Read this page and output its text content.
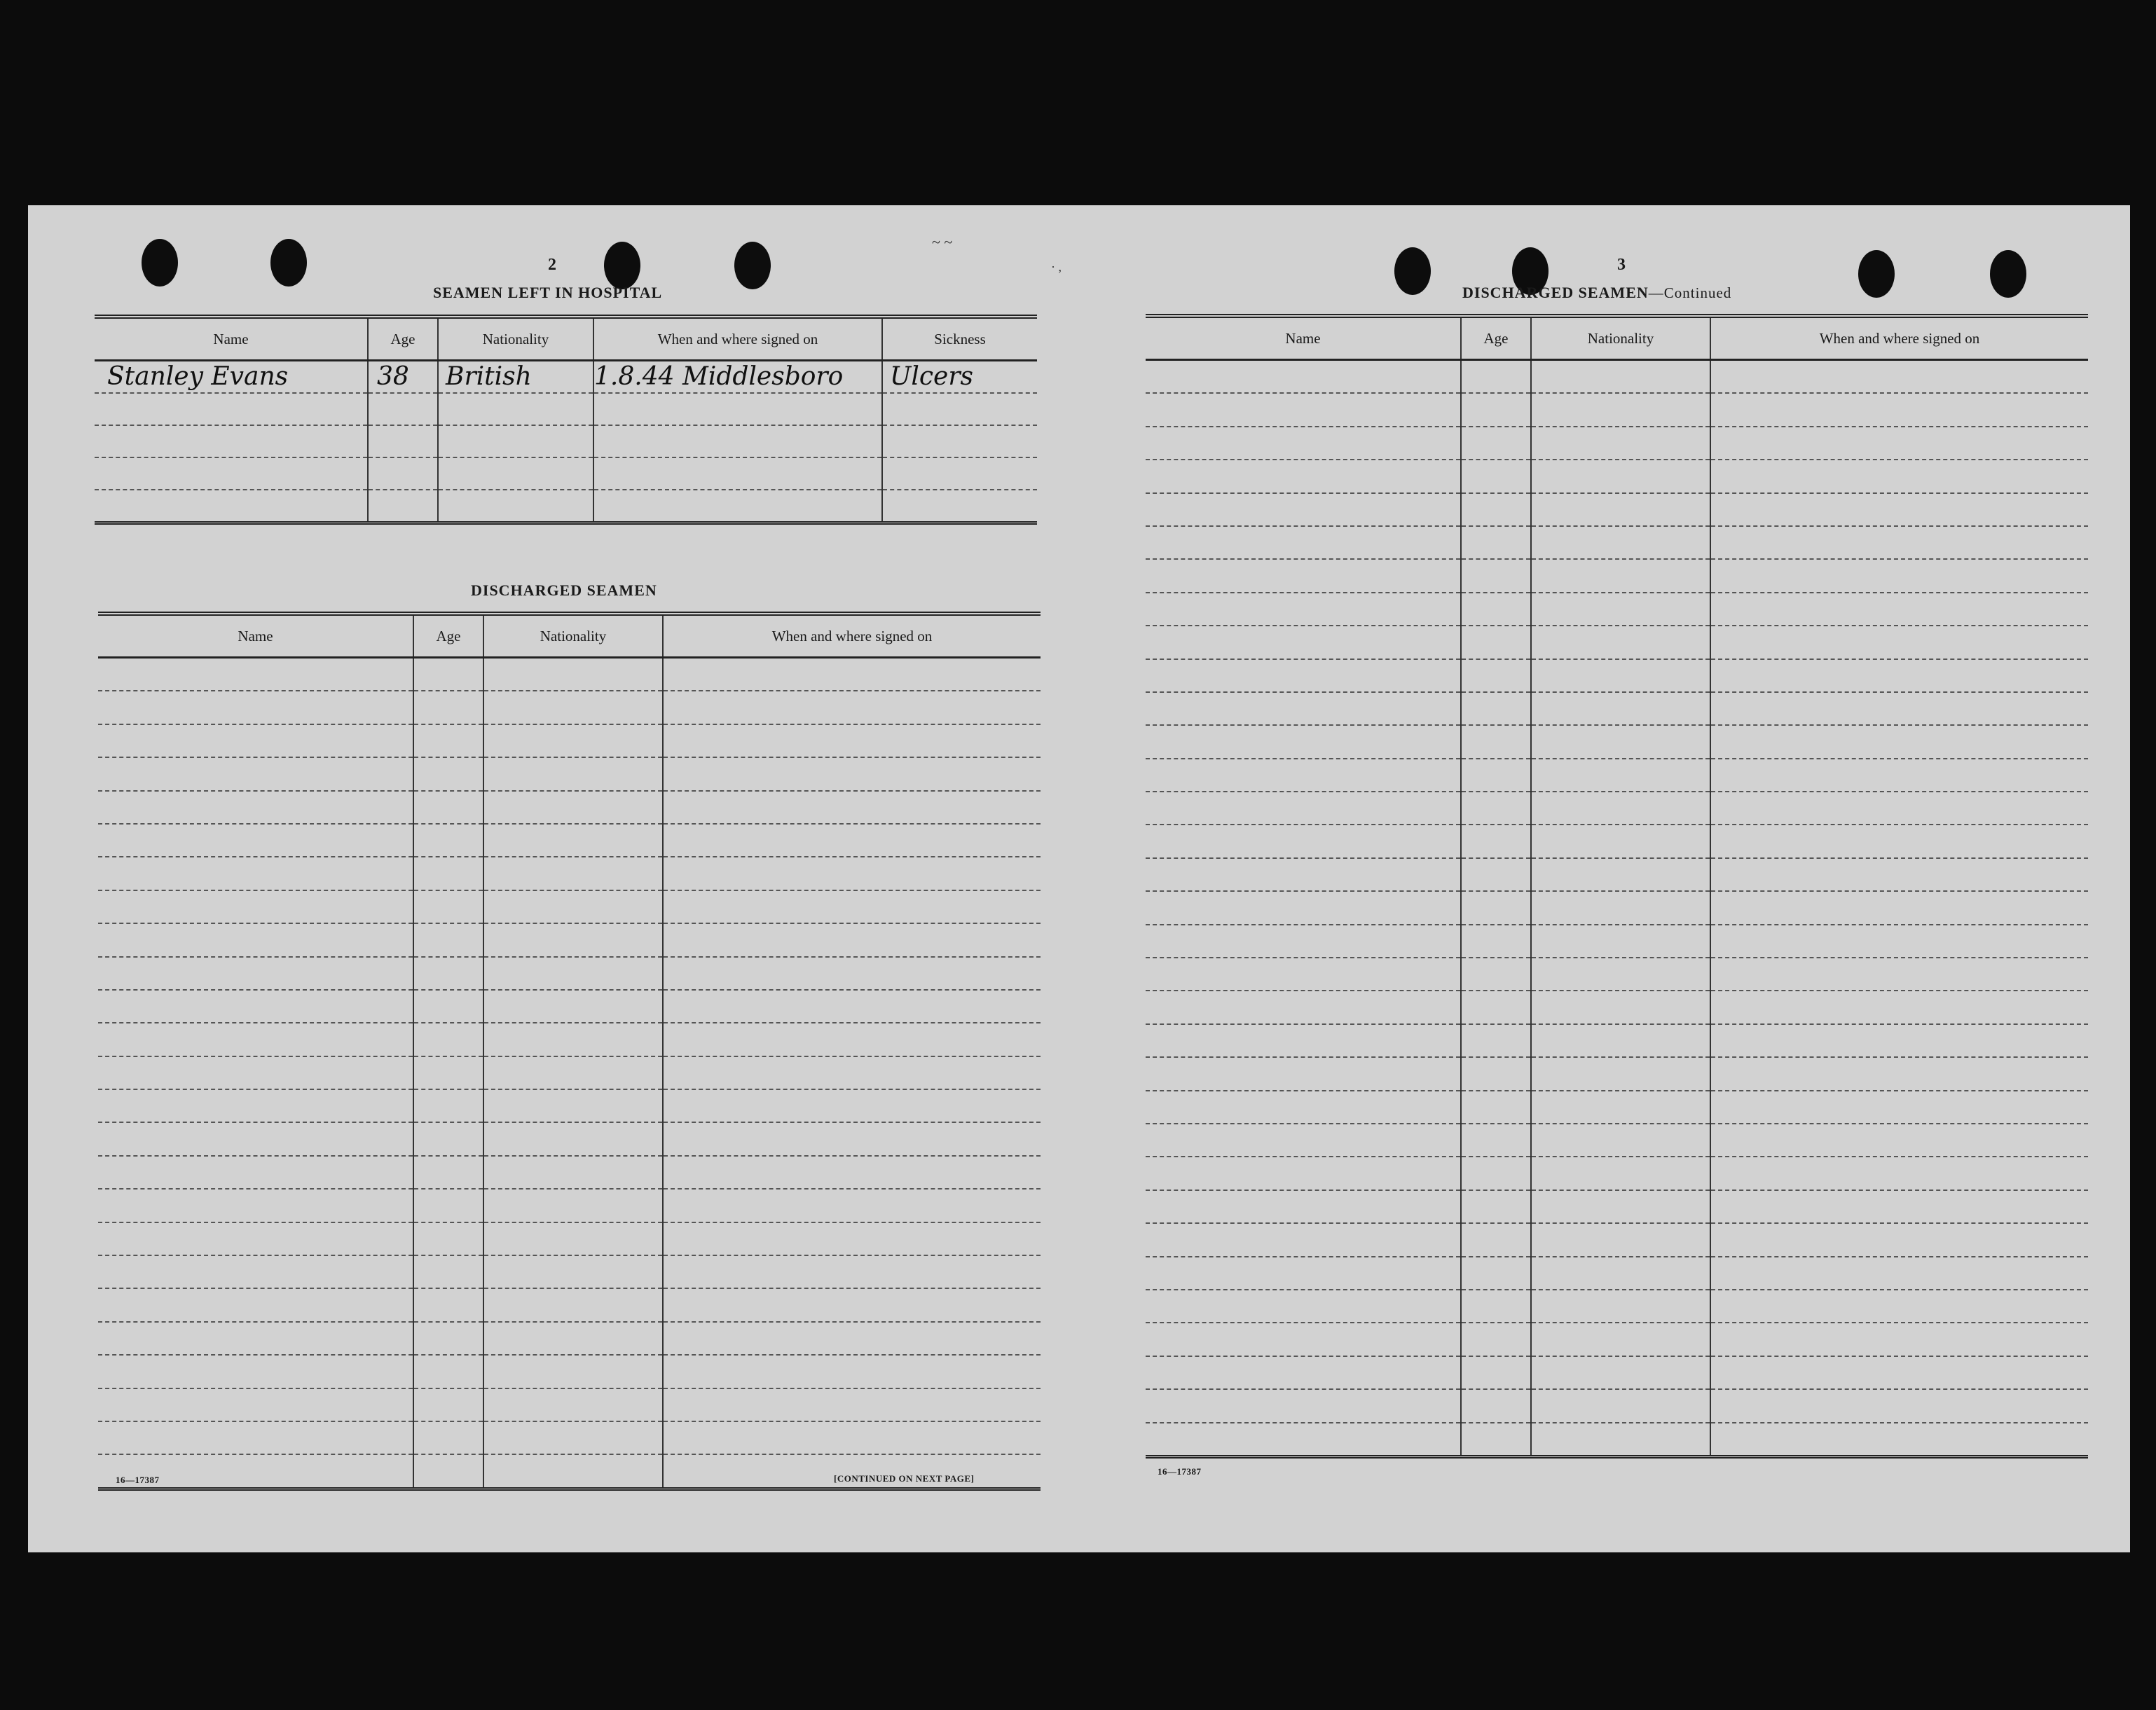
~ ~
· ,
2
SEAMEN LEFT IN HOSPITAL
Name	Age	Nationality	When and where signed on	Sickness

Stanley Evans	38	British	1.8.44 Middlesboro	Ulcers

DISCHARGED SEAMEN
Name	Age	Nationality	When and where signed on

16—17387	[CONTINUED ON NEXT PAGE]
3
DISCHARGED SEAMEN—Continued
Name	Age	Nationality	When and where signed on

16—17387
